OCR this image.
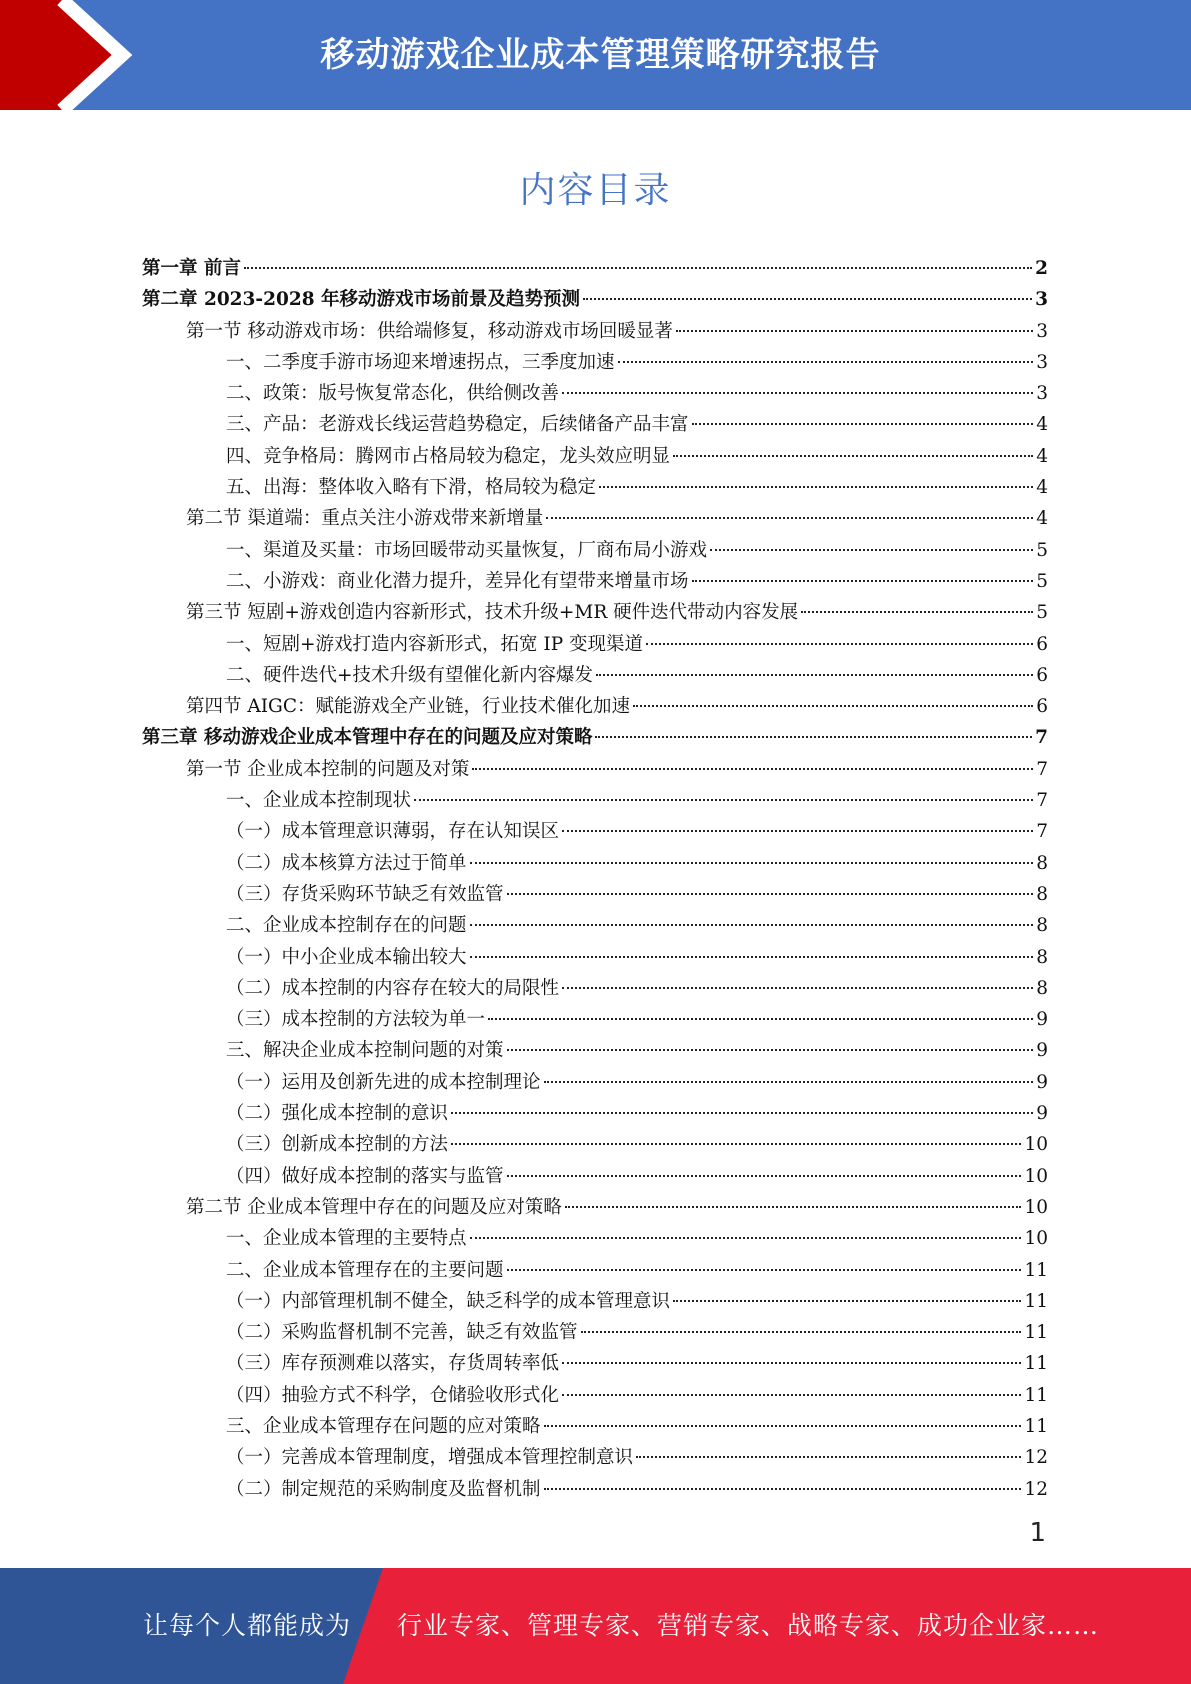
移动游戏企业成本管理策略研究报告
内容目录
第一章 前言	2
第二章 2023-2028 年移动游戏市场前景及趋势预测	3
第一节 移动游戏市场：供给端修复，移动游戏市场回暖显著	3
一、二季度手游市场迎来增速拐点，三季度加速	3
二、政策：版号恢复常态化，供给侧改善	3
三、产品：老游戏长线运营趋势稳定，后续储备产品丰富	4
四、竞争格局：腾网市占格局较为稳定，龙头效应明显	4
五、出海：整体收入略有下滑，格局较为稳定	4
第二节 渠道端：重点关注小游戏带来新增量	4
一、渠道及买量：市场回暖带动买量恢复，厂商布局小游戏	5
二、小游戏：商业化潜力提升，差异化有望带来增量市场	5
第三节 短剧+游戏创造内容新形式，技术升级+MR 硬件迭代带动内容发展	5
一、短剧+游戏打造内容新形式，拓宽 IP 变现渠道	6
二、硬件迭代+技术升级有望催化新内容爆发	6
第四节 AIGC：赋能游戏全产业链，行业技术催化加速	6
第三章 移动游戏企业成本管理中存在的问题及应对策略	7
第一节 企业成本控制的问题及对策	7
一、企业成本控制现状	7
（一）成本管理意识薄弱，存在认知误区	7
（二）成本核算方法过于简单	8
（三）存货采购环节缺乏有效监管	8
二、企业成本控制存在的问题	8
（一）中小企业成本输出较大	8
（二）成本控制的内容存在较大的局限性	8
（三）成本控制的方法较为单一	9
三、解决企业成本控制问题的对策	9
（一）运用及创新先进的成本控制理论	9
（二）强化成本控制的意识	9
（三）创新成本控制的方法	10
（四）做好成本控制的落实与监管	10
第二节 企业成本管理中存在的问题及应对策略	10
一、企业成本管理的主要特点	10
二、企业成本管理存在的主要问题	11
（一）内部管理机制不健全，缺乏科学的成本管理意识	11
（二）采购监督机制不完善，缺乏有效监管	11
（三）库存预测难以落实，存货周转率低	11
（四）抽验方式不科学，仓储验收形式化	11
三、企业成本管理存在问题的应对策略	11
（一）完善成本管理制度，增强成本管理控制意识	12
（二）制定规范的采购制度及监督机制	12
1
让每个人都能成为 行业专家、管理专家、营销专家、战略专家、成功企业家……
